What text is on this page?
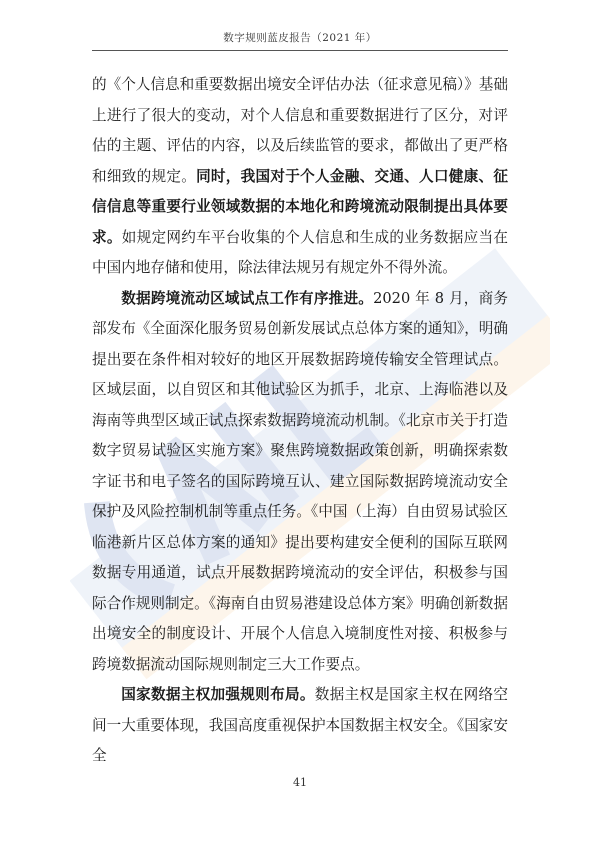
数字规则蓝皮报告（2021 年）

的《个人信息和重要数据出境安全评估办法（征求意见稿）》基础上进行了很大的变动，对个人信息和重要数据进行了区分，对评估的主题、评估的内容，以及后续监管的要求，都做出了更严格和细致的规定。同时，我国对于个人金融、交通、人口健康、征信信息等重要行业领域数据的本地化和跨境流动限制提出具体要求。如规定网约车平台收集的个人信息和生成的业务数据应当在中国内地存储和使用，除法律法规另有规定外不得外流。

数据跨境流动区域试点工作有序推进。2020 年 8 月，商务部发布《全面深化服务贸易创新发展试点总体方案的通知》，明确提出要在条件相对较好的地区开展数据跨境传输安全管理试点。区域层面，以自贸区和其他试验区为抓手，北京、上海临港以及海南等典型区域正试点探索数据跨境流动机制。《北京市关于打造数字贸易试验区实施方案》聚焦跨境数据政策创新，明确探索数字证书和电子签名的国际跨境互认、建立国际数据跨境流动安全保护及风险控制机制等重点任务。《中国（上海）自由贸易试验区临港新片区总体方案的通知》提出要构建安全便利的国际互联网数据专用通道，试点开展数据跨境流动的安全评估，积极参与国际合作规则制定。《海南自由贸易港建设总体方案》明确创新数据出境安全的制度设计、开展个人信息入境制度性对接、积极参与跨境数据流动国际规则制定三大工作要点。

国家数据主权加强规则布局。数据主权是国家主权在网络空间一大重要体现，我国高度重视保护本国数据主权安全。《国家安全

41
